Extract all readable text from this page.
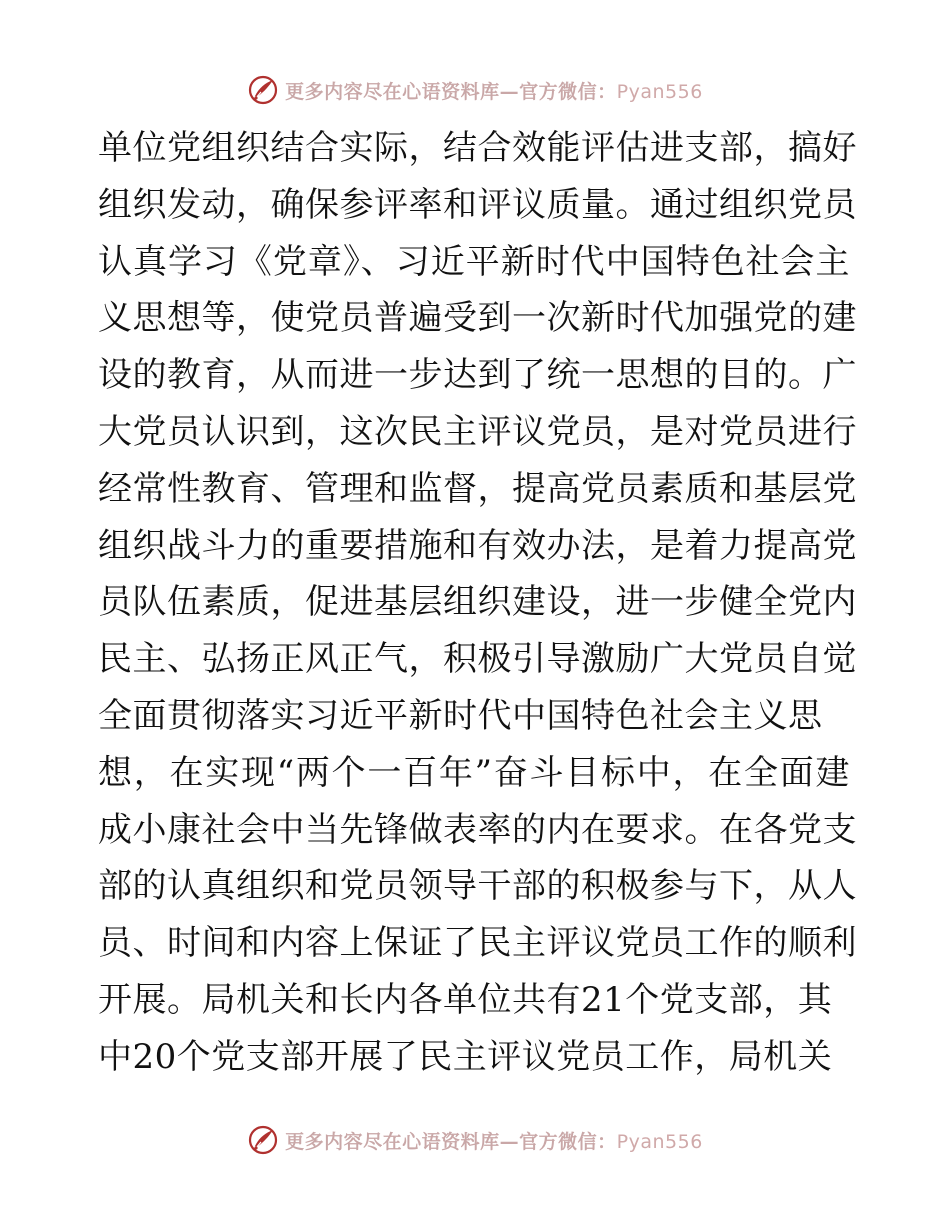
更多内容尽在心语资料库—官方微信：Pyan556
单位党组织结合实际，结合效能评估进支部，搞好
组织发动，确保参评率和评议质量。通过组织党员
认真学习《党章》、习近平新时代中国特色社会主
义思想等，使党员普遍受到一次新时代加强党的建
设的教育，从而进一步达到了统一思想的目的。广
大党员认识到，这次民主评议党员，是对党员进行
经常性教育、管理和监督，提高党员素质和基层党
组织战斗力的重要措施和有效办法，是着力提高党
员队伍素质，促进基层组织建设，进一步健全党内
民主、弘扬正风正气，积极引导激励广大党员自觉
全面贯彻落实习近平新时代中国特色社会主义思
想，在实现“两个一百年”奋斗目标中，在全面建
成小康社会中当先锋做表率的内在要求。在各党支
部的认真组织和党员领导干部的积极参与下，从人
员、时间和内容上保证了民主评议党员工作的顺利
开展。局机关和长内各单位共有21个党支部，其
中20个党支部开展了民主评议党员工作，局机关
更多内容尽在心语资料库—官方微信：Pyan556
